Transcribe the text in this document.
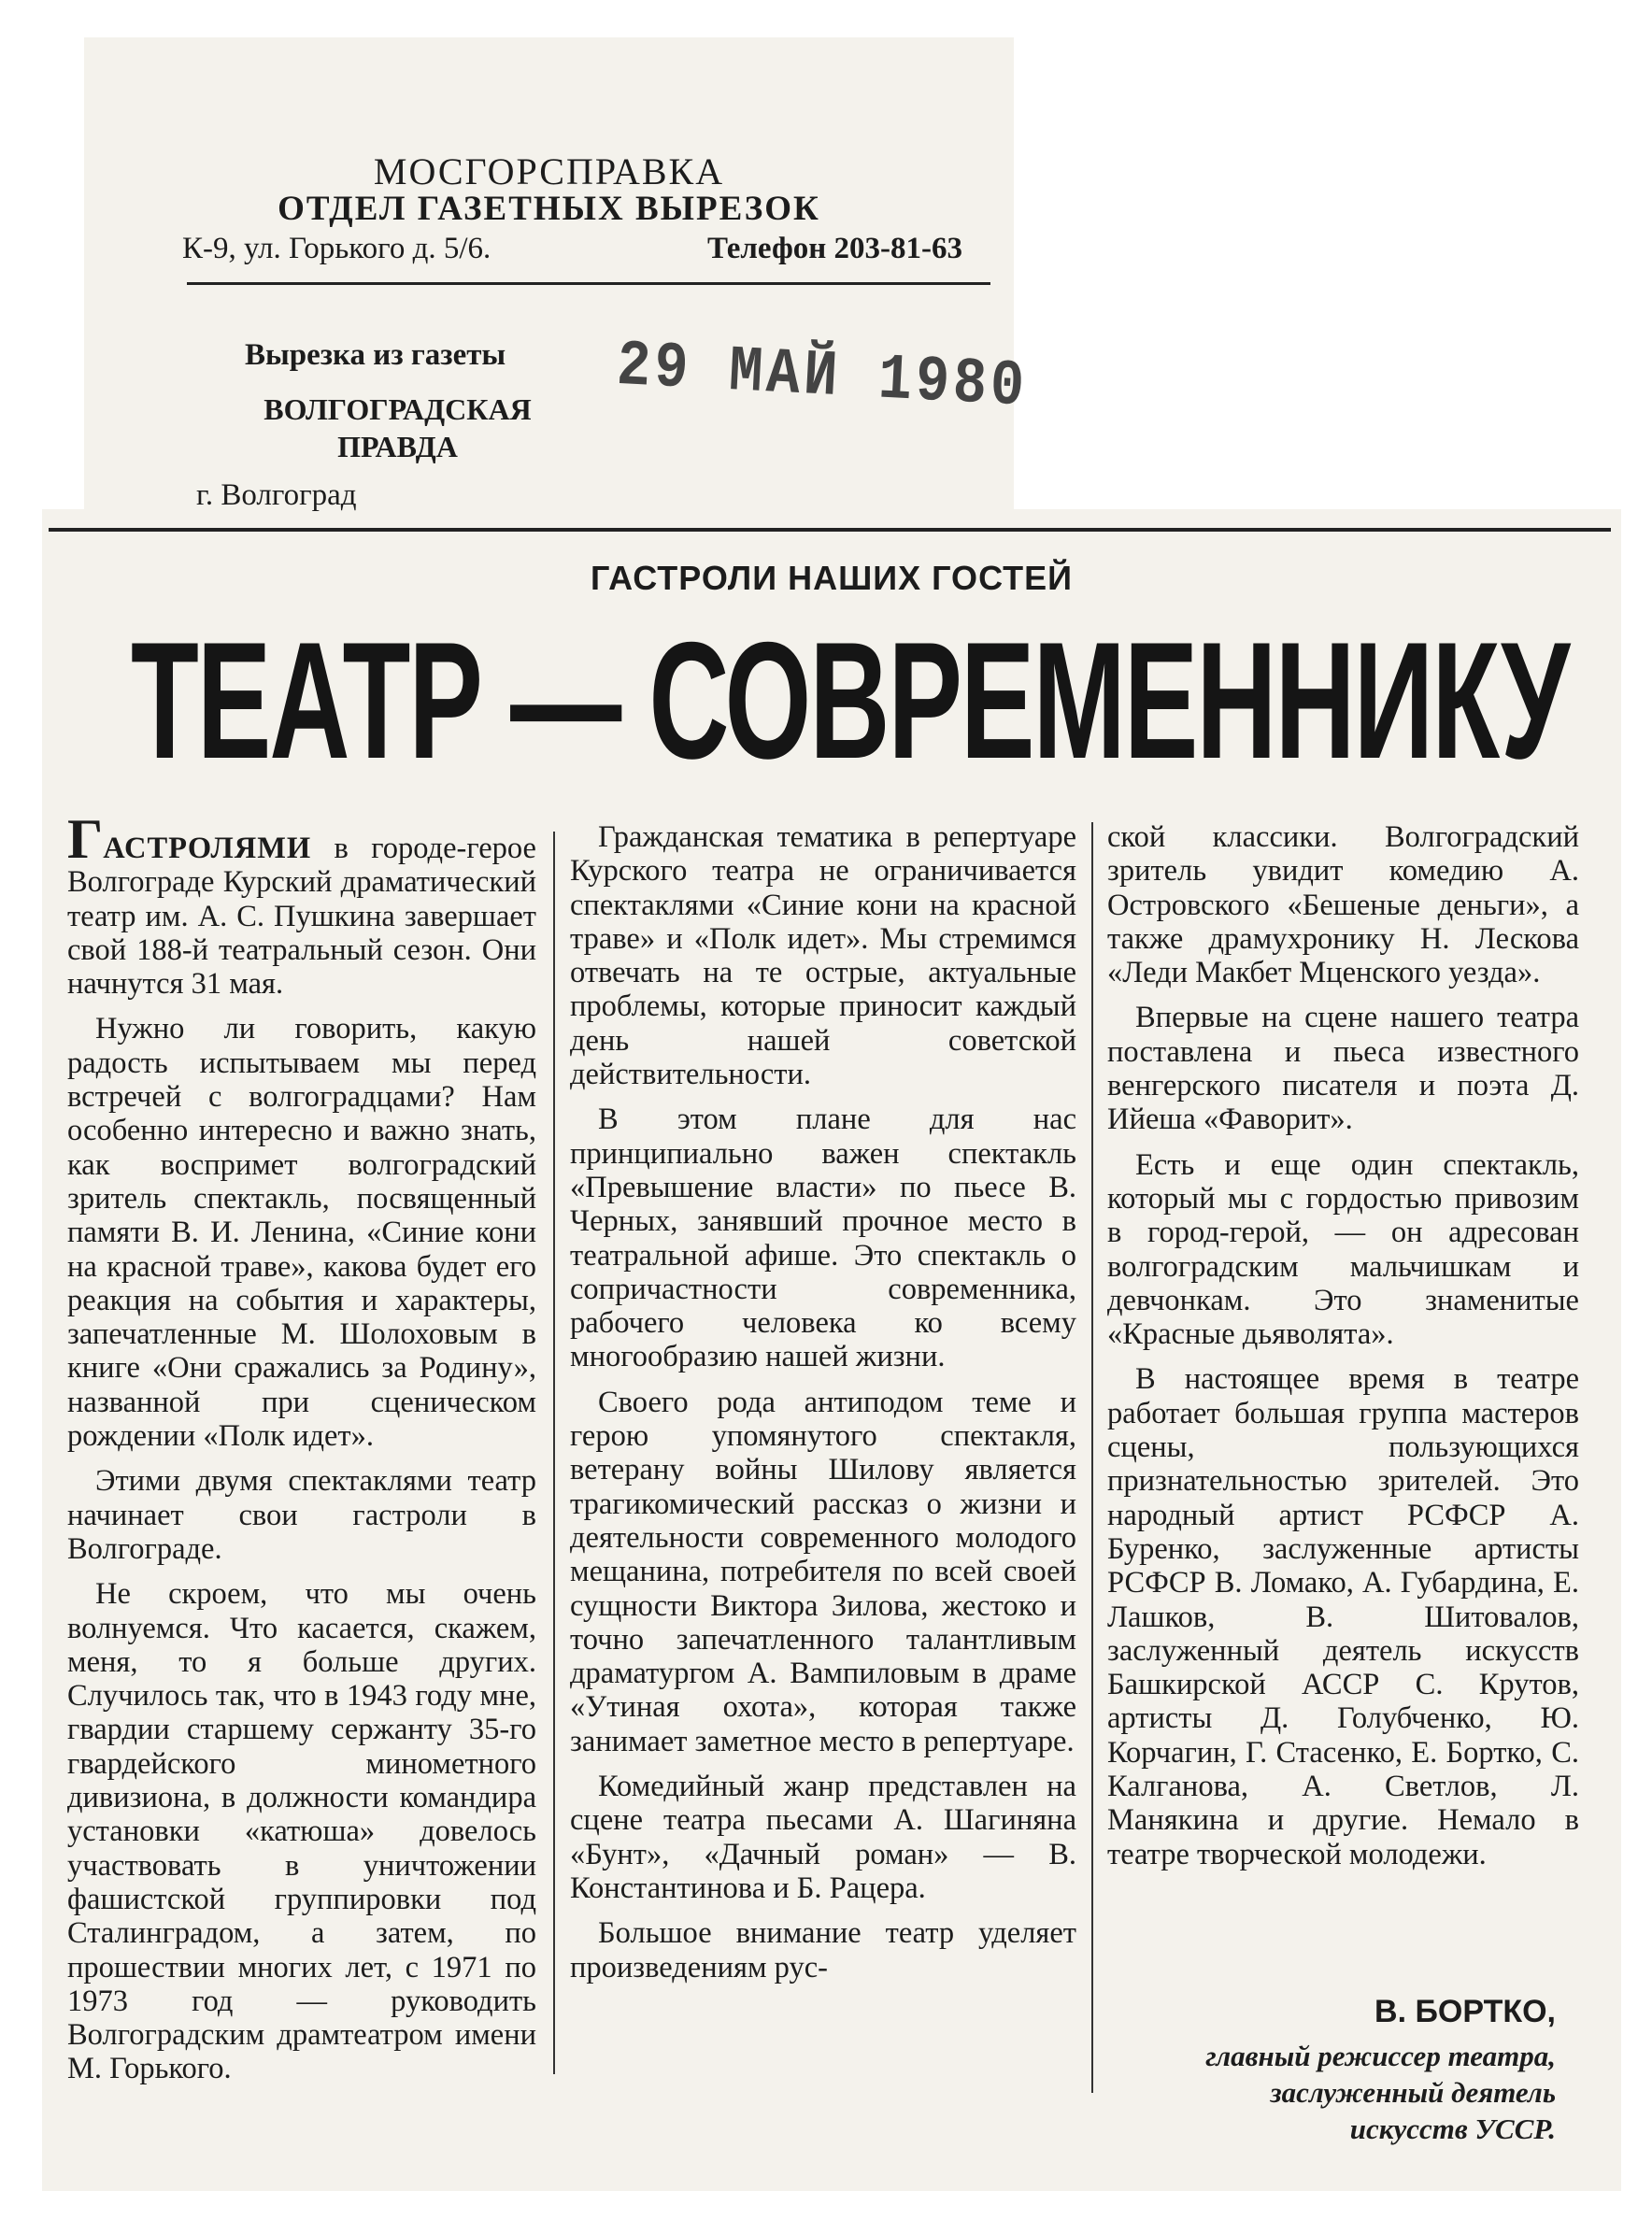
МОСГОРСПРАВКА
ОТДЕЛ ГАЗЕТНЫХ ВЫРЕЗОК
К-9, ул. Горького д. 5/6.	Телефон 203-81-63
Вырезка из газеты
ВОЛГОГРАДСКАЯ ПРАВДА
г. Волгоград
29 МАЙ 1980
ГАСТРОЛИ НАШИХ ГОСТЕЙ
ТЕАТР — СОВРЕМЕННИКУ

ГАСТРОЛЯМИ в городе-герое Волгограде Курский драматический театр им. А. С. Пушкина завершает свой 188-й театральный сезон. Они начнутся 31 мая.

Нужно ли говорить, какую радость испытываем мы перед встречей с волгоградцами? Нам особенно интересно и важно знать, как воспримет волгоградский зритель спектакль, посвященный памяти В. И. Ленина, «Синие кони на красной траве», какова будет его реакция на события и характеры, запечатленные М. Шолоховым в книге «Они сражались за Родину», названной при сценическом рождении «Полк идет».

Этими двумя спектаклями театр начинает свои гастроли в Волгограде.

Не скроем, что мы очень волнуемся. Что касается, скажем, меня, то я больше других. Случилось так, что в 1943 году мне, гвардии старшему сержанту 35-го гвардейского минометного дивизиона, в должности командира установки «катюша» довелось участвовать в уничтожении фашистской группировки под Сталинградом, а затем, по прошествии многих лет, с 1971 по 1973 год — руководить Волгоградским драмтеатром имени М. Горького.

Гражданская тематика в репертуаре Курского театра не ограничивается спектаклями «Синие кони на красной траве» и «Полк идет». Мы стремимся отвечать на те острые, актуальные проблемы, которые приносит каждый день нашей советской действительности.

В этом плане для нас принципиально важен спектакль «Превышение власти» по пьесе В. Черных, занявший прочное место в театральной афише. Это спектакль о сопричастности современника, рабочего человека ко всему многообразию нашей жизни.

Своего рода антиподом теме и герою упомянутого спектакля, ветерану войны Шилову является трагикомический рассказ о жизни и деятельности современного молодого мещанина, потребителя по всей своей сущности Виктора Зилова, жестоко и точно запечатленного талантливым драматургом А. Вампиловым в драме «Утиная охота», которая также занимает заметное место в репертуаре.

Комедийный жанр представлен на сцене театра пьесами А. Шагиняна «Бунт», «Дачный роман» — В. Константинова и Б. Рацера.

Большое внимание театр уделяет произведениям рус-

ской классики. Волгоградский зритель увидит комедию А. Островского «Бешеные деньги», а также драмухронику Н. Лескова «Леди Макбет Мценского уезда».

Впервые на сцене нашего театра поставлена и пьеса известного венгерского писателя и поэта Д. Ийеша «Фаворит».

Есть и еще один спектакль, который мы с гордостью привозим в город-герой, — он адресован волгоградским мальчишкам и девчонкам. Это знаменитые «Красные дьяволята».

В настоящее время в театре работает большая группа мастеров сцены, пользующихся признательностью зрителей. Это народный артист РСФСР А. Буренко, заслуженные артисты РСФСР В. Ломако, А. Губардина, Е. Лашков, В. Шитовалов, заслуженный деятель искусств Башкирской АССР С. Крутов, артисты Д. Голубченко, Ю. Корчагин, Г. Стасенко, Е. Бортко, С. Калганова, А. Светлов, Л. Манякина и другие. Немало в театре творческой молодежи.

В. БОРТКО,
главный режиссер театра,
заслуженный деятель
искусств УССР.
